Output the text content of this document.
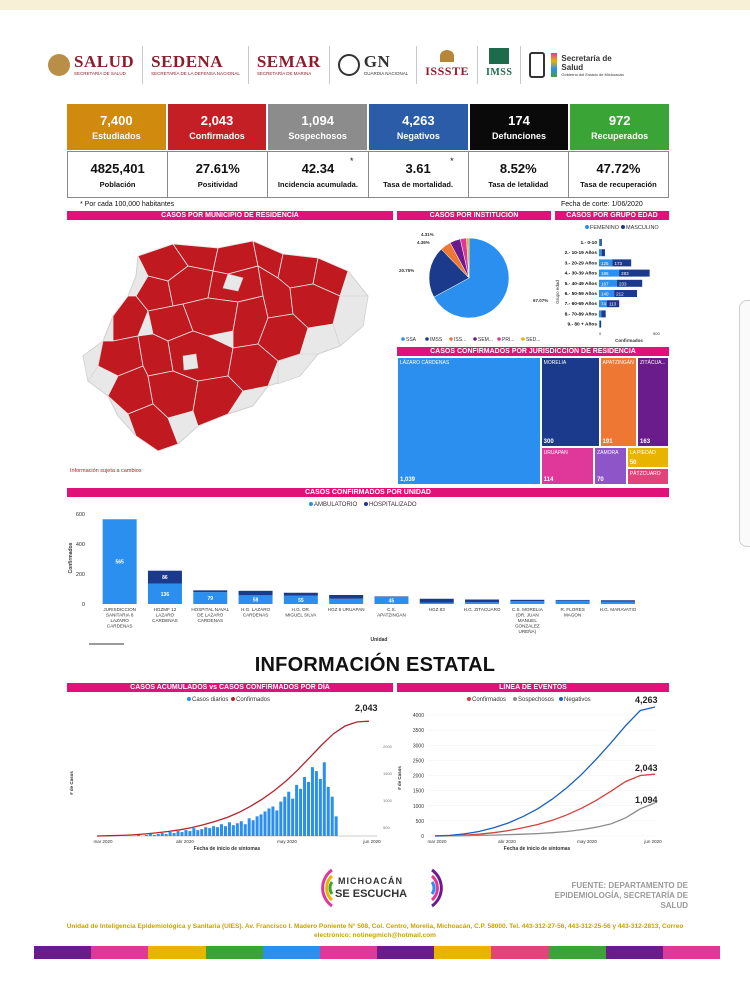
SALUD
SECRETARÍA DE SALUD
SEDENA
SECRETARÍA DE LA DEFENSA NACIONAL
SEMAR
SECRETARÍA DE MARINA
GN
GUARDIA NACIONAL ISSSTE IMSS
Secretaría de Salud
Gobierno del Estado de Michoacán
7,400
Estudiados
2,043
Confirmados
1,094
Sospechosos
4,263
Negativos
174
Defunciones
972
Recuperados
4825,401
Población
27.61%
Positividad
42.34
Incidencia acumulada.
*	3.61
Tasa de mortalidad.
*	8.52%
Tasa de letalidad
47.72%
Tasa de recuperación
* Por cada 100,000 habitantes	Fecha de corte: 1/06/2020
CASOS POR MUNICIPIO DE RESIDENCIA	CASOS POR INSTITUCIÓN	CASOS POR GRUPO EDAD
Información sujeta a cambios
67.07%
20.75%
4.36%
4.31%
SSA	IMSS ISS... SEM... PRI... SED...
FEMENINO MASCULINO
1.- 0-10
2.- 10-19 Años
3.- 20-29 Años 125 173
4.- 30-39 Años 186	283
5.- 40-49 Años 167 233
6.- 50-59 Años 140 212
7.- 60-69 Años 74 113
8.- 70-89 Años
9.- 80 + Años
Grupo edad
0	500
Confirmados
CASOS CONFIRMADOS POR JURISDICCIÓN DE RESIDENCIA
LÁZARO CÁRDENAS
1,039
MORELIA
300
APATZINGÁN
191
ZITÁCUA...
163
URUAPAN
114
ZAMORA
70
LA PIEDAD
50
PÁTZCUARO
CASOS CONFIRMADOS POR UNIDAD
AMBULATORIO HOSPITALIZADO
0
200
400
600
Confirmados
JURISDICCION
SANITARIA 8
LAZARO
CARDENAS
HGZMF 12
LAZARO
CARDENAS
HOSPITAL NAVAL
DE LAZARO
CARDENAS
H.G. LAZARO
CARDENAS
H.G. DR.
MIGUEL SILVA
HGZ 8 URUAPAN	C.S.
APATZINGAN
HGZ 83	H.G. ZITACUARO C.S. MORELIA
(DR. JUAN
MANUEL
GONZALEZ
UREÑA)
R. FLORES
MAGON
H.G. MARAVATIO
565
86
136
79	58	55	45
Unidad
INFORMACIÓN ESTATAL
CASOS ACUMULADOS vs CASOS CONFIRMADOS POR DÍA
Casos diarios Confirmados
2,043
2000
1500
1000
500
mar 2020	abr 2020	may 2020	jun 2020
Fecha de inicio de síntomas
# de Casos
LÍNEA DE EVENTOS
Confirmados Sospechosos Negativos
0
500
1000
1500
2000
2500
3000
3500
4000
4,263
2,043
1,094
mar 2020	abr 2020	may 2020	jun 2020
Fecha de inicio de síntomas
# de Casos
MICHOACÁN
SE ESCUCHA
FUENTE: DEPARTAMENTO DE EPIDEMIOLOGÍA, SECRETARÍA DE SALUD
Unidad de Inteligencia Epidemiológica y Sanitaria (UIES). Av. Francisco I. Madero Poniente N° 508, Col. Centro, Morelia, Michoacán, C.P. 58000. Tel. 443-312-27-56, 443-312-25-56 y 443-312-2813, Correo electrónico: notinegmich@hotmail.com
